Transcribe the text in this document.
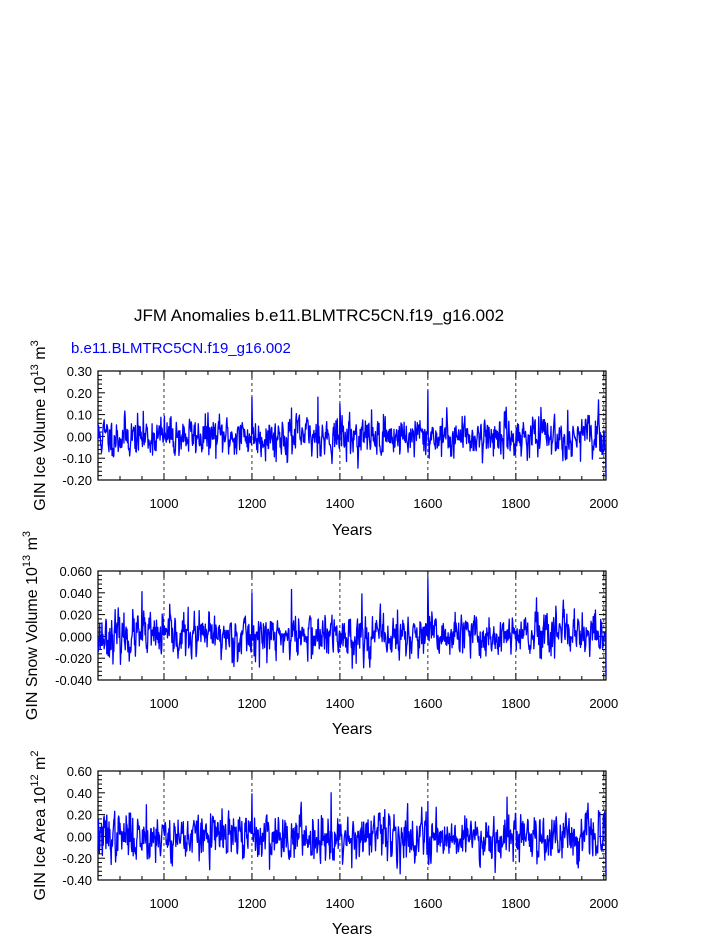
JFM Anomalies b.e11.BLMTRC5CN.f19_g16.002
b.e11.BLMTRC5CN.f19_g16.002
-0.20
-0.10
0.00
0.10
0.20
0.30
1000	1200	1400	1600	1800	2000
Years
GIN Ice Volume $10^{13}$ $m^3$
-0.040
-0.020
0.000
0.020
0.040
0.060
1000	1200	1400	1600	1800	2000
Years
GIN Snow Volume $10^{13}$ $m^3$
-0.40
-0.20
0.00
0.20
0.40
0.60
1000	1200	1400	1600	1800	2000
Years
GIN Ice Area $10^{12}$ $m^2$
